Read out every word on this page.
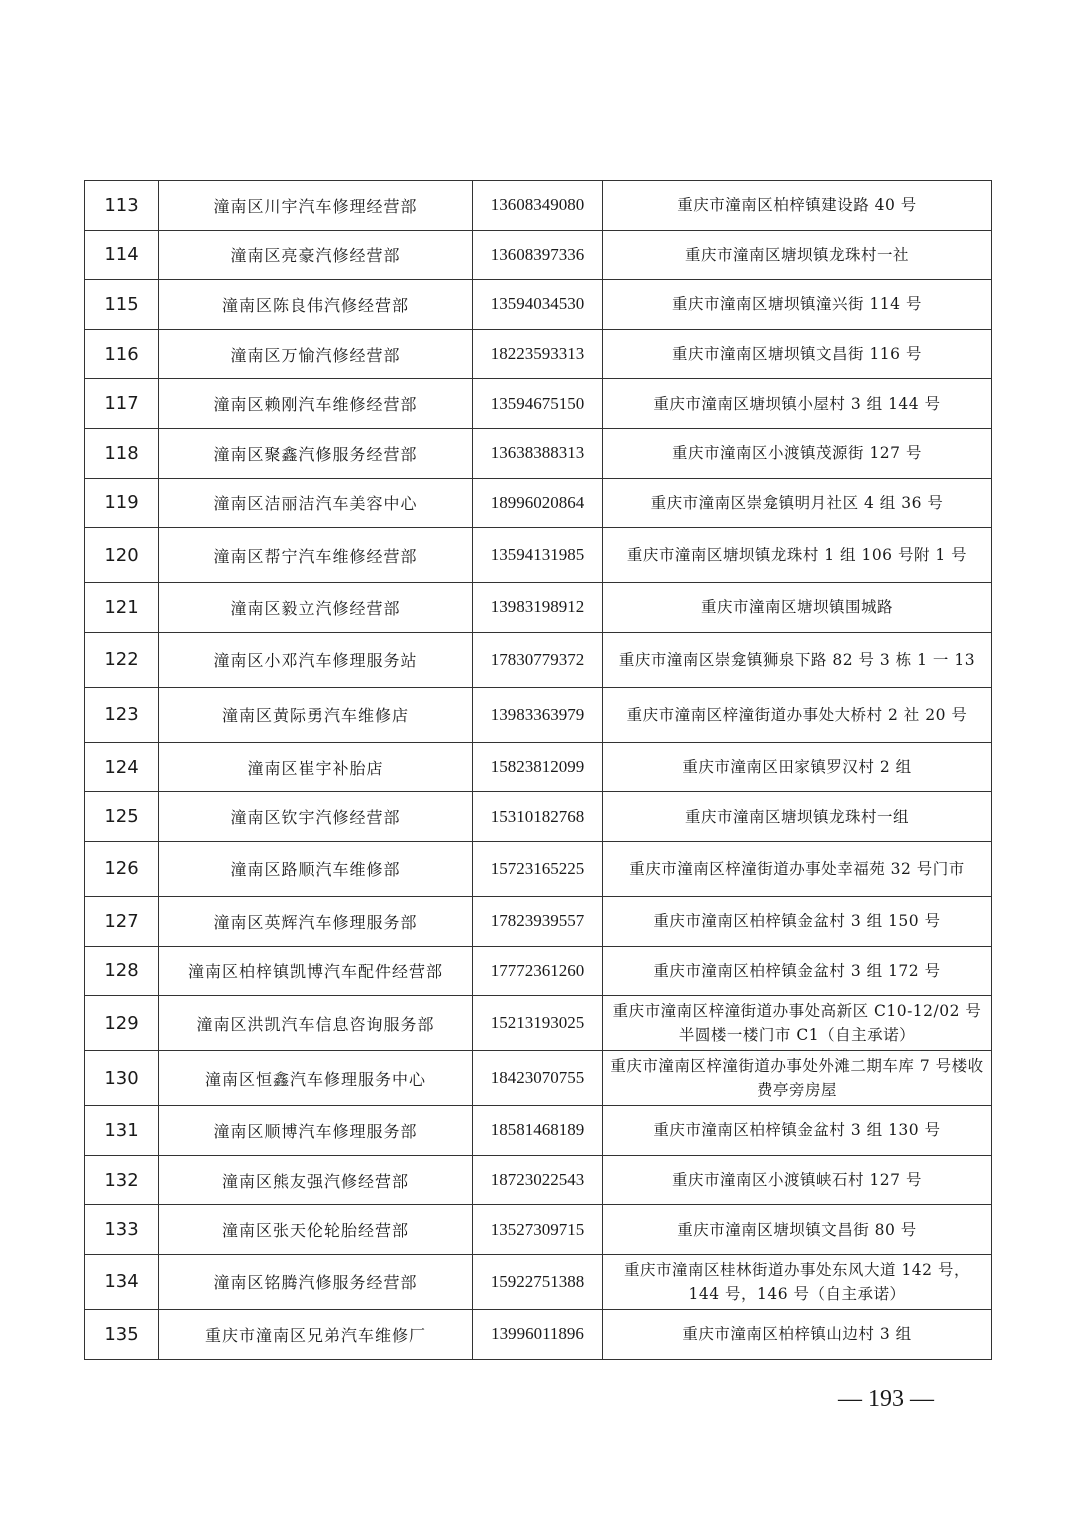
113	潼南区川宇汽车修理经营部	13608349080	重庆市潼南区柏梓镇建设路 40 号
114	潼南区亮豪汽修经营部	13608397336	重庆市潼南区塘坝镇龙珠村一社
115	潼南区陈良伟汽修经营部	13594034530	重庆市潼南区塘坝镇潼兴街 114 号
116	潼南区万愉汽修经营部	18223593313	重庆市潼南区塘坝镇文昌街 116 号
117	潼南区赖刚汽车维修经营部	13594675150	重庆市潼南区塘坝镇小屋村 3 组 144 号
118	潼南区聚鑫汽修服务经营部	13638388313	重庆市潼南区小渡镇茂源街 127 号
119	潼南区洁丽洁汽车美容中心	18996020864	重庆市潼南区崇龛镇明月社区 4 组 36 号
120	潼南区帮宁汽车维修经营部	13594131985	重庆市潼南区塘坝镇龙珠村 1 组 106 号附 1 号
121	潼南区毅立汽修经营部	13983198912	重庆市潼南区塘坝镇围城路
122	潼南区小邓汽车修理服务站	17830779372	重庆市潼南区崇龛镇狮泉下路 82 号 3 栋 1 一 13
123	潼南区黄际勇汽车维修店	13983363979	重庆市潼南区梓潼街道办事处大桥村 2 社 20 号
124	潼南区崔宇补胎店	15823812099	重庆市潼南区田家镇罗汉村 2 组
125	潼南区钦宇汽修经营部	15310182768	重庆市潼南区塘坝镇龙珠村一组
126	潼南区路顺汽车维修部	15723165225	重庆市潼南区梓潼街道办事处幸福苑 32 号门市
127	潼南区英辉汽车修理服务部	17823939557	重庆市潼南区柏梓镇金盆村 3 组 150 号
128	潼南区柏梓镇凯博汽车配件经营部	17772361260	重庆市潼南区柏梓镇金盆村 3 组 172 号
129	潼南区洪凯汽车信息咨询服务部	15213193025	重庆市潼南区梓潼街道办事处高新区 C10-12/02 号半圆楼一楼门市 C1（自主承诺）
130	潼南区恒鑫汽车修理服务中心	18423070755	重庆市潼南区梓潼街道办事处外滩二期车库 7 号楼收费亭旁房屋
131	潼南区顺博汽车修理服务部	18581468189	重庆市潼南区柏梓镇金盆村 3 组 130 号
132	潼南区熊友强汽修经营部	18723022543	重庆市潼南区小渡镇峡石村 127 号
133	潼南区张天伦轮胎经营部	13527309715	重庆市潼南区塘坝镇文昌街 80 号
134	潼南区铭腾汽修服务经营部	15922751388	重庆市潼南区桂林街道办事处东风大道 142 号，144 号，146 号（自主承诺）
135	重庆市潼南区兄弟汽车维修厂	13996011896	重庆市潼南区柏梓镇山边村 3 组
— 193 —
